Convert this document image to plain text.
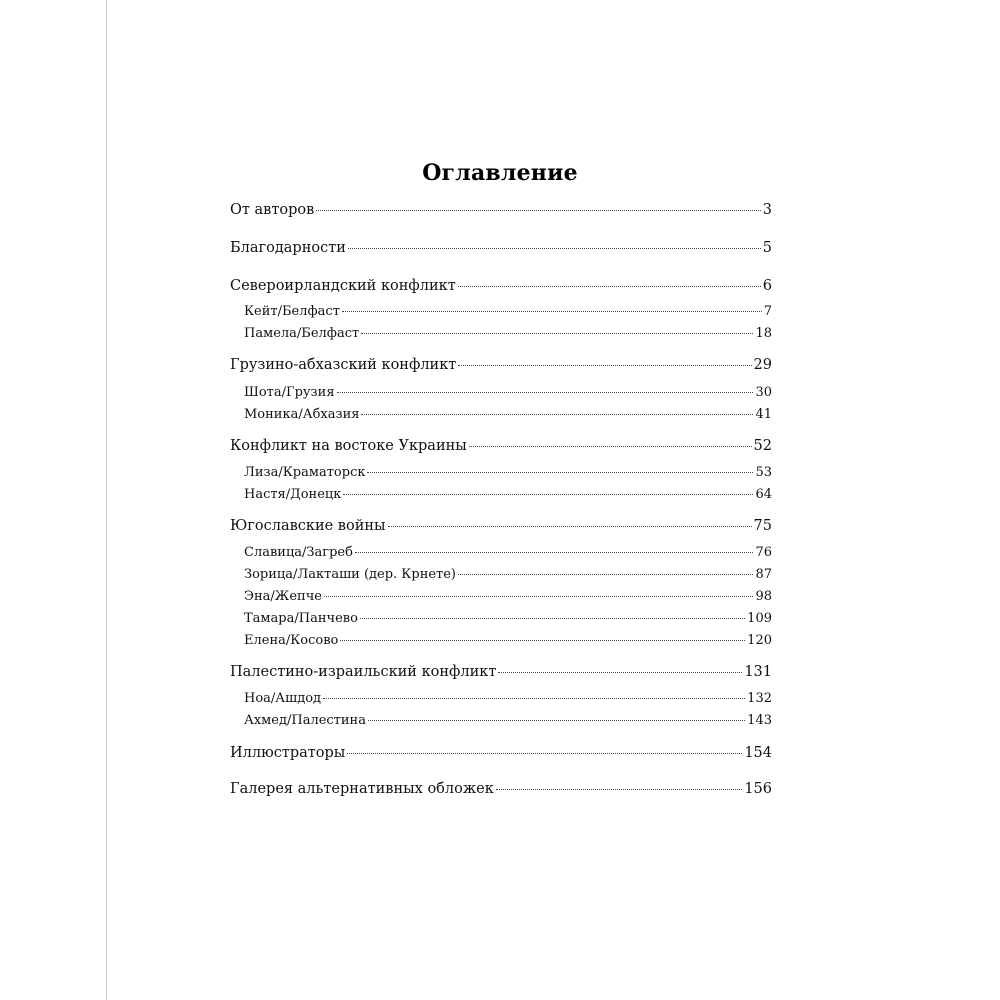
Оглавление
От авторов	3
Благодарности	5
Североирландский конфликт	6
Кейт/Белфаст	7
Памела/Белфаст	18
Грузино-абхазский конфликт	29
Шота/Грузия	30
Моника/Абхазия	41
Конфликт на востоке Украины	52
Лиза/Краматорск	53
Настя/Донецк	64
Югославские войны	75
Славица/Загреб	76
Зорица/Лакташи (дер. Крнете)	87
Эна/Жепче	98
Тамара/Панчево	109
Елена/Косово	120
Палестино-израильский конфликт	131
Ноа/Ашдод	132
Ахмед/Палестина	143
Иллюстраторы	154
Галерея альтернативных обложек	156
